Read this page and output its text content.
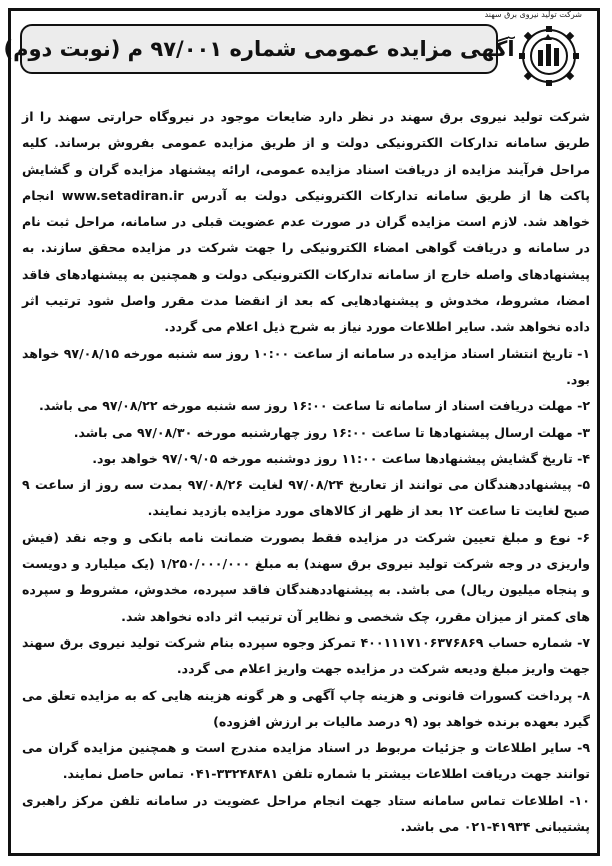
شرکت تولید نیروی برق سهند
آگهی مزایده عمومی شماره ۹۷/۰۰۱ م (نوبت دوم)

شرکت تولید نیروی برق سهند در نظر دارد ضایعات موجود در نیروگاه حرارتی سهند را از طریق سامانه تدارکات الکترونیکی دولت و از طریق مزایده عمومی بفروش برساند. کلیه مراحل فرآیند مزایده از دریافت اسناد مزایده عمومی، ارائه پیشنهاد مزایده گران و گشایش پاکت ها از طریق سامانه تدارکات الکترونیکی دولت به آدرس www.setadiran.ir انجام خواهد شد. لازم است مزایده گران در صورت عدم عضویت قبلی در سامانه، مراحل ثبت نام در سامانه و دریافت گواهی امضاء الکترونیکی را جهت شرکت در مزایده محقق سازند. به پیشنهادهای واصله خارج از سامانه تدارکات الکترونیکی دولت و همچنین به پیشنهادهای فاقد امضا، مشروط، مخدوش و پیشنهادهایی که بعد از انقضا مدت مقرر واصل شود ترتیب اثر داده نخواهد شد. سایر اطلاعات مورد نیاز به شرح ذیل اعلام می گردد.

۱- تاریخ انتشار اسناد مزایده در سامانه از ساعت ۱۰:۰۰ روز سه شنبه مورخه ۹۷/۰۸/۱۵ خواهد بود.

۲- مهلت دریافت اسناد از سامانه تا ساعت ۱۶:۰۰ روز سه شنبه مورخه ۹۷/۰۸/۲۲ می باشد.

۳- مهلت ارسال پیشنهادها تا ساعت ۱۶:۰۰ روز چهارشنبه مورخه ۹۷/۰۸/۳۰ می باشد.

۴- تاریخ گشایش پیشنهادها ساعت ۱۱:۰۰ روز دوشنبه مورخه ۹۷/۰۹/۰۵ خواهد بود.

۵- پیشنهاددهندگان می توانند از تعاریخ ۹۷/۰۸/۲۴ لغایت ۹۷/۰۸/۲۶ بمدت سه روز از ساعت ۹ صبح لغایت تا ساعت ۱۲ بعد از ظهر از کالاهای مورد مزایده بازدید نمایند.

۶- نوع و مبلغ تعیین شرکت در مزایده فقط بصورت ضمانت نامه بانکی و وجه نقد (فیش واریزی در وجه شرکت تولید نیروی برق سهند) به مبلغ ۱/۲۵۰/۰۰۰/۰۰۰ (یک میلیارد و دویست و پنجاه میلیون ریال) می باشد. به پیشنهاددهندگان فاقد سپرده، مخدوش، مشروط و سپرده های کمتر از میزان مقرر، چک شخصی و نظایر آن ترتیب اثر داده نخواهد شد.

۷- شماره حساب ۴۰۰۱۱۱۷۱۰۶۳۷۶۸۶۹ تمرکز وجوه سپرده بنام شرکت تولید نیروی برق سهند جهت واریز مبلغ ودیعه شرکت در مزایده جهت واریز اعلام می گردد.

۸- پرداخت کسورات قانونی و هزینه چاپ آگهی و هر گونه هزینه هایی که به مزایده تعلق می گیرد بعهده برنده خواهد بود (۹ درصد مالیات بر ارزش افزوده)

۹- سایر اطلاعات و جزئیات مربوط در اسناد مزایده مندرج است و همچنین مزایده گران می توانند جهت دریافت اطلاعات بیشتر با شماره تلفن ۳۳۲۴۸۴۸۱-۰۴۱ تماس حاصل نمایند.

۱۰- اطلاعات تماس سامانه ستاد جهت انجام مراحل عضویت در سامانه تلفن مرکز راهبری پشتیبانی ۴۱۹۳۴-۰۲۱ می باشد.
